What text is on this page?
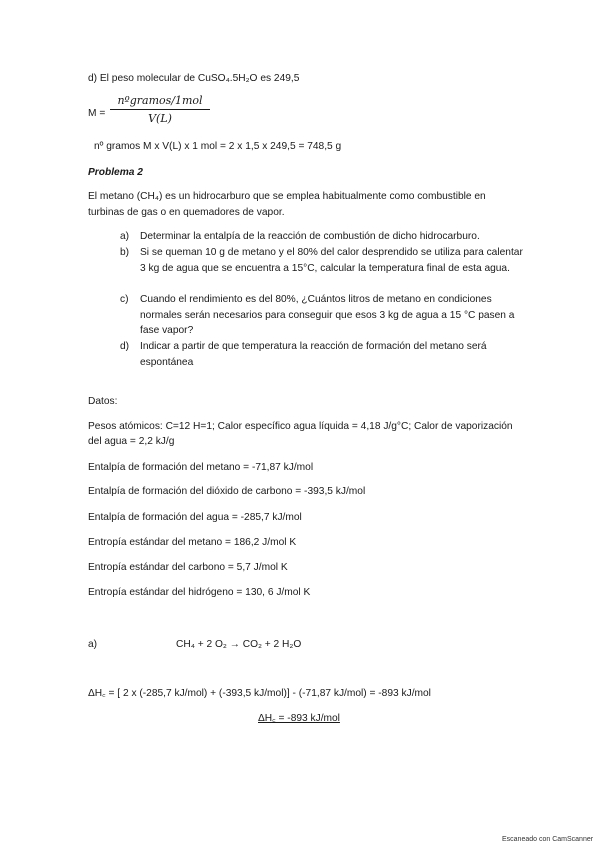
d) El peso molecular de CuSO₄.5H₂O es 249,5
M =
nºgramos/1mol
V(L)
nº gramos M x V(L) x 1 mol = 2 x 1,5 x 249,5 = 748,5 g
Problema 2
El metano (CH₄) es un hidrocarburo que se emplea habitualmente como combustible en turbinas de gas o en quemadores de vapor.
a) Determinar la entalpía de la reacción de combustión de dicho hidrocarburo.
b) Si se queman 10 g de metano y el 80% del calor desprendido se utiliza para calentar 3 kg de agua que se encuentra a 15°C, calcular la temperatura final de esta agua.
c) Cuando el rendimiento es del 80%, ¿Cuántos litros de metano en condiciones normales serán necesarios para conseguir que esos 3 kg de agua a 15 °C pasen a fase vapor?
d) Indicar a partir de que temperatura la reacción de formación del metano será espontánea
Datos:
Pesos atómicos: C=12 H=1; Calor específico agua líquida = 4,18 J/g°C; Calor de vaporización del agua = 2,2 kJ/g
Entalpía de formación del metano = -71,87 kJ/mol
Entalpía de formación del dióxido de carbono = -393,5 kJ/mol
Entalpía de formación del agua = -285,7 kJ/mol
Entropía estándar del metano = 186,2 J/mol K
Entropía estándar del carbono = 5,7 J/mol K
Entropía estándar del hidrógeno = 130, 6 J/mol K
a)	CH₄ + 2 O₂ → CO₂ + 2 H₂O
ΔH꜀ = [ 2 x (-285,7 kJ/mol) + (-393,5 kJ/mol)] - (-71,87 kJ/mol) = -893 kJ/mol
ΔH꜀ = -893 kJ/mol
Escaneado con CamScanner
